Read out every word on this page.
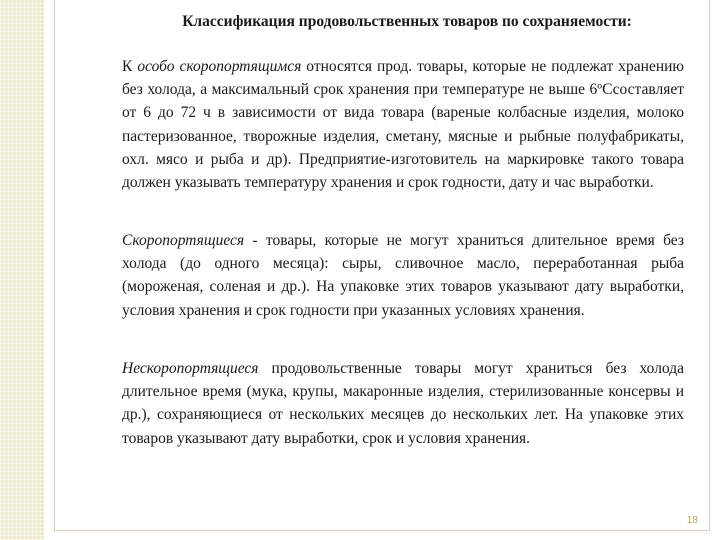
Классификация продовольственных товаров по сохраняемости:

К особо скоропортящимся относятся прод. товары, которые не подлежат хранению без холода, а максимальный срок хранения при температуре не выше 6ºСсоставляет от 6 до 72 ч в зависимости от вида товара (вареные колбасные изделия, молоко пастеризованное, творожные изделия, сметану, мясные и рыбные полуфабрикаты, охл. мясо и рыба и др). Предприятие-изготовитель на маркировке такого товара должен указывать температуру хранения и срок годности, дату и час выработки.

Скоропортящиеся - товары, которые не могут храниться длительное время без холода (до одного месяца): сыры, сливочное масло, переработанная рыба (мороженая, соленая и др.). На упаковке этих товаров указывают дату выработки, условия хранения и срок годности при указанных условиях хранения.

Нескоропортящиеся продовольственные товары могут храниться без холода длительное время (мука, крупы, макаронные изделия, стерилизованные консервы и др.), сохраняющиеся от нескольких месяцев до нескольких лет. На упаковке этих товаров указывают дату выработки, срок и условия хранения.

18
